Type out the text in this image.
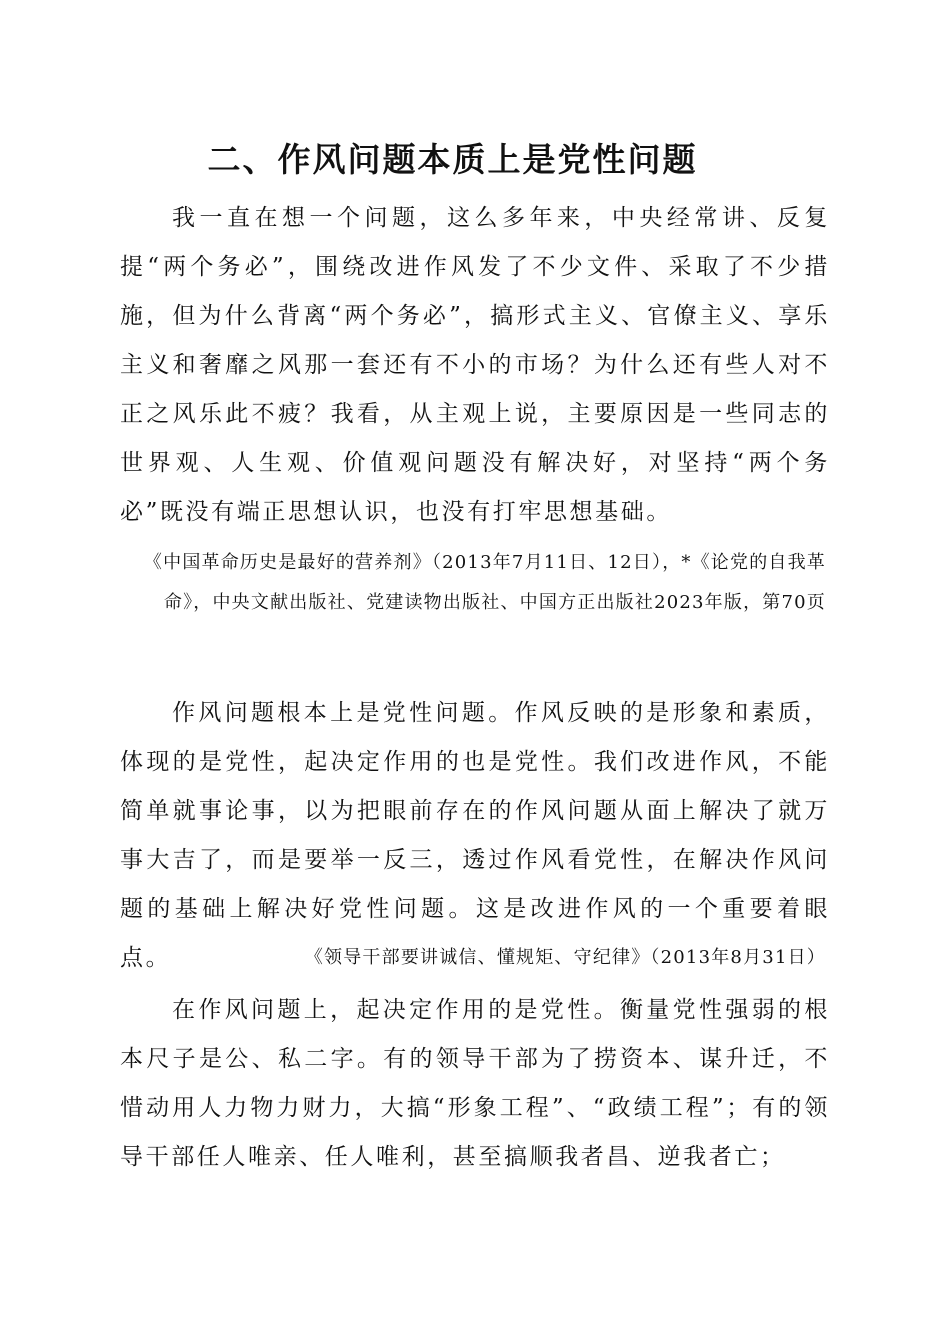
二、作风问题本质上是党性问题

我一直在想一个问题，这么多年来，中央经常讲、反复提“两个务必”，围绕改进作风发了不少文件、采取了不少措施，但为什么背离“两个务必”，搞形式主义、官僚主义、享乐主义和奢靡之风那一套还有不小的市场？为什么还有些人对不正之风乐此不疲？我看，从主观上说，主要原因是一些同志的世界观、人生观、价值观问题没有解决好，对坚持“两个务必”既没有端正思想认识，也没有打牢思想基础。

《中国革命历史是最好的营养剂》（2013年7月11日、12日），*《论党的自我革命》，中央文献出版社、党建读物出版社、中国方正出版社2023年版，第70页

作风问题根本上是党性问题。作风反映的是形象和素质，体现的是党性，起决定作用的也是党性。我们改进作风，不能简单就事论事，以为把眼前存在的作风问题从面上解决了就万事大吉了，而是要举一反三，透过作风看党性，在解决作风问题的基础上解决好党性问题。这是改进作风的一个重要着眼点。	《领导干部要讲诚信、懂规矩、守纪律》（2013年8月31日）

在作风问题上，起决定作用的是党性。衡量党性强弱的根本尺子是公、私二字。有的领导干部为了捞资本、谋升迁，不惜动用人力物力财力，大搞“形象工程”、“政绩工程”；有的领导干部任人唯亲、任人唯利，甚至搞顺我者昌、逆我者亡；
